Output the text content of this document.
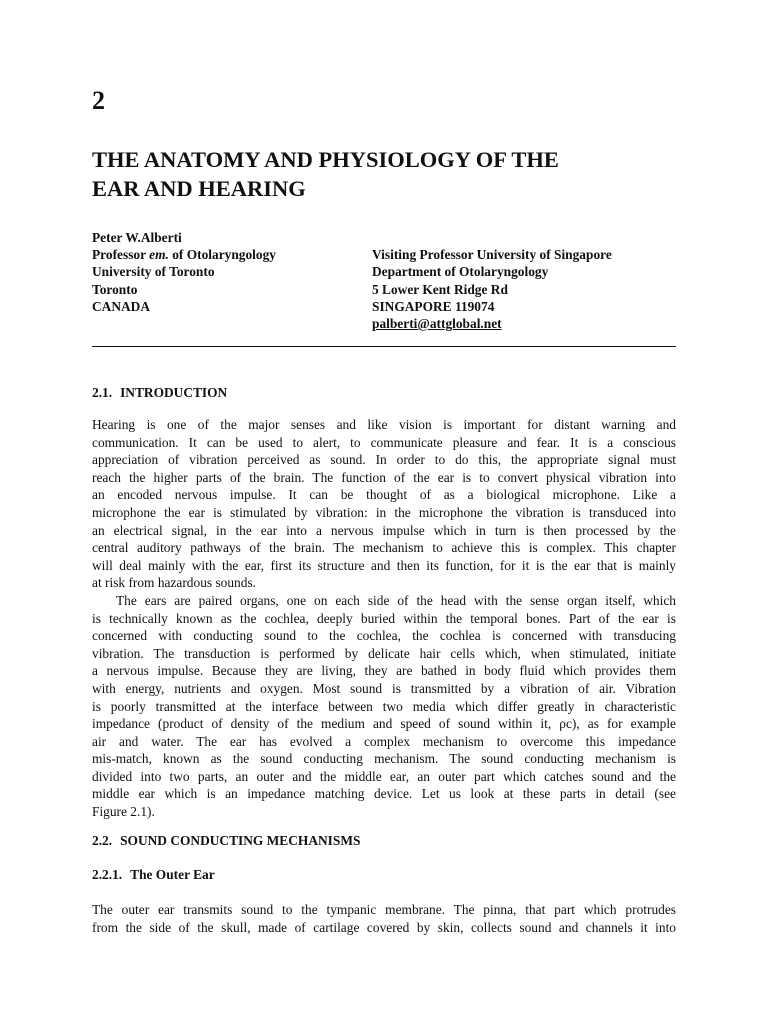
2
THE ANATOMY AND PHYSIOLOGY OF THE
EAR AND HEARING
Peter W.Alberti
Professor em. of Otolaryngology
University of Toronto
Toronto
CANADA
Visiting Professor University of Singapore
Department of Otolaryngology
5 Lower Kent Ridge Rd
SINGAPORE 119074
palberti@attglobal.net
2.1. INTRODUCTION

Hearing is one of the major senses and like vision is important for distant warning and
communication. It can be used to alert, to communicate pleasure and fear. It is a conscious
appreciation of vibration perceived as sound. In order to do this, the appropriate signal must
reach the higher parts of the brain. The function of the ear is to convert physical vibration into
an encoded nervous impulse. It can be thought of as a biological microphone. Like a
microphone the ear is stimulated by vibration: in the microphone the vibration is transduced into
an electrical signal, in the ear into a nervous impulse which in turn is then processed by the
central auditory pathways of the brain. The mechanism to achieve this is complex. This chapter
will deal mainly with the ear, first its structure and then its function, for it is the ear that is mainly
at risk from hazardous sounds.

The ears are paired organs, one on each side of the head with the sense organ itself, which
is technically known as the cochlea, deeply buried within the temporal bones. Part of the ear is
concerned with conducting sound to the cochlea, the cochlea is concerned with transducing
vibration. The transduction is performed by delicate hair cells which, when stimulated, initiate
a nervous impulse. Because they are living, they are bathed in body fluid which provides them
with energy, nutrients and oxygen. Most sound is transmitted by a vibration of air. Vibration
is poorly transmitted at the interface between two media which differ greatly in characteristic
impedance (product of density of the medium and speed of sound within it, ρc), as for example
air and water. The ear has evolved a complex mechanism to overcome this impedance
mis-match, known as the sound conducting mechanism. The sound conducting mechanism is
divided into two parts, an outer and the middle ear, an outer part which catches sound and the
middle ear which is an impedance matching device. Let us look at these parts in detail (see
Figure 2.1).

2.2. SOUND CONDUCTING MECHANISMS
2.2.1. The Outer Ear

The outer ear transmits sound to the tympanic membrane. The pinna, that part which protrudes
from the side of the skull, made of cartilage covered by skin, collects sound and channels it into
